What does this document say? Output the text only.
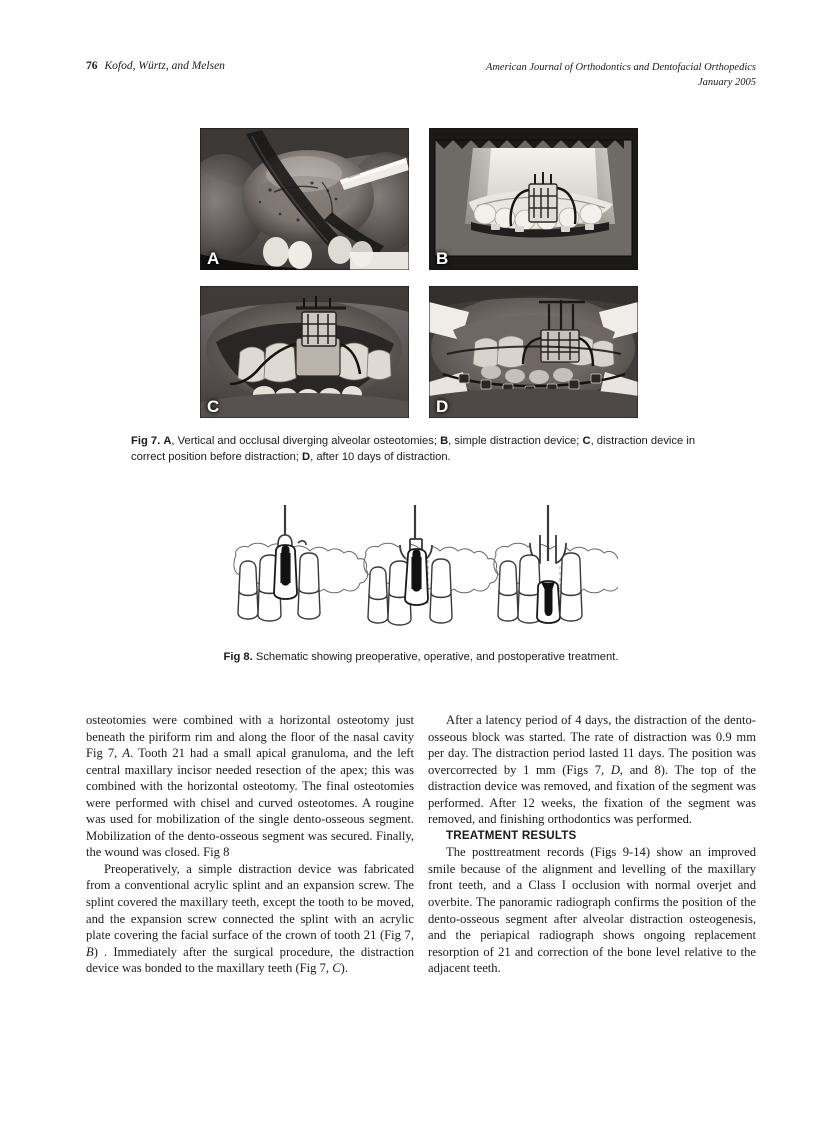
76 Kofod, Würtz, and Melsen	American Journal of Orthodontics and Dentofacial Orthopedics
January 2005
A	B
C	D
Fig 7. A, Vertical and occlusal diverging alveolar osteotomies; B, simple distraction device; C, distraction device in correct position before distraction; D, after 10 days of distraction.
Fig 8. Schematic showing preoperative, operative, and postoperative treatment.

osteotomies were combined with a horizontal osteotomy just beneath the piriform rim and along the floor of the nasal cavity Fig 7, A. Tooth 21 had a small apical granuloma, and the left central maxillary incisor needed resection of the apex; this was combined with the horizontal osteotomy. The final osteotomies were performed with chisel and curved osteotomes. A rougine was used for mobilization of the single dento-osseous segment. Mobilization of the dento-osseous segment was secured. Finally, the wound was closed. Fig 8

Preoperatively, a simple distraction device was fabricated from a conventional acrylic splint and an expansion screw. The splint covered the maxillary teeth, except the tooth to be moved, and the expansion screw connected the splint with an acrylic plate covering the facial surface of the crown of tooth 21 (Fig 7, B) . Immediately after the surgical procedure, the distraction device was bonded to the maxillary teeth (Fig 7, C).

After a latency period of 4 days, the distraction of the dento-osseous block was started. The rate of distraction was 0.9 mm per day. The distraction period lasted 11 days. The position was overcorrected by 1 mm (Figs 7, D, and 8). The top of the distraction device was removed, and fixation of the segment was performed. After 12 weeks, the fixation of the segment was removed, and finishing orthodontics was performed.

TREATMENT RESULTS

The posttreatment records (Figs 9-14) show an improved smile because of the alignment and levelling of the maxillary front teeth, and a Class I occlusion with normal overjet and overbite. The panoramic radiograph confirms the position of the dento-osseous segment after alveolar distraction osteogenesis, and the periapical radiograph shows ongoing replacement resorption of 21 and correction of the bone level relative to the adjacent teeth.
